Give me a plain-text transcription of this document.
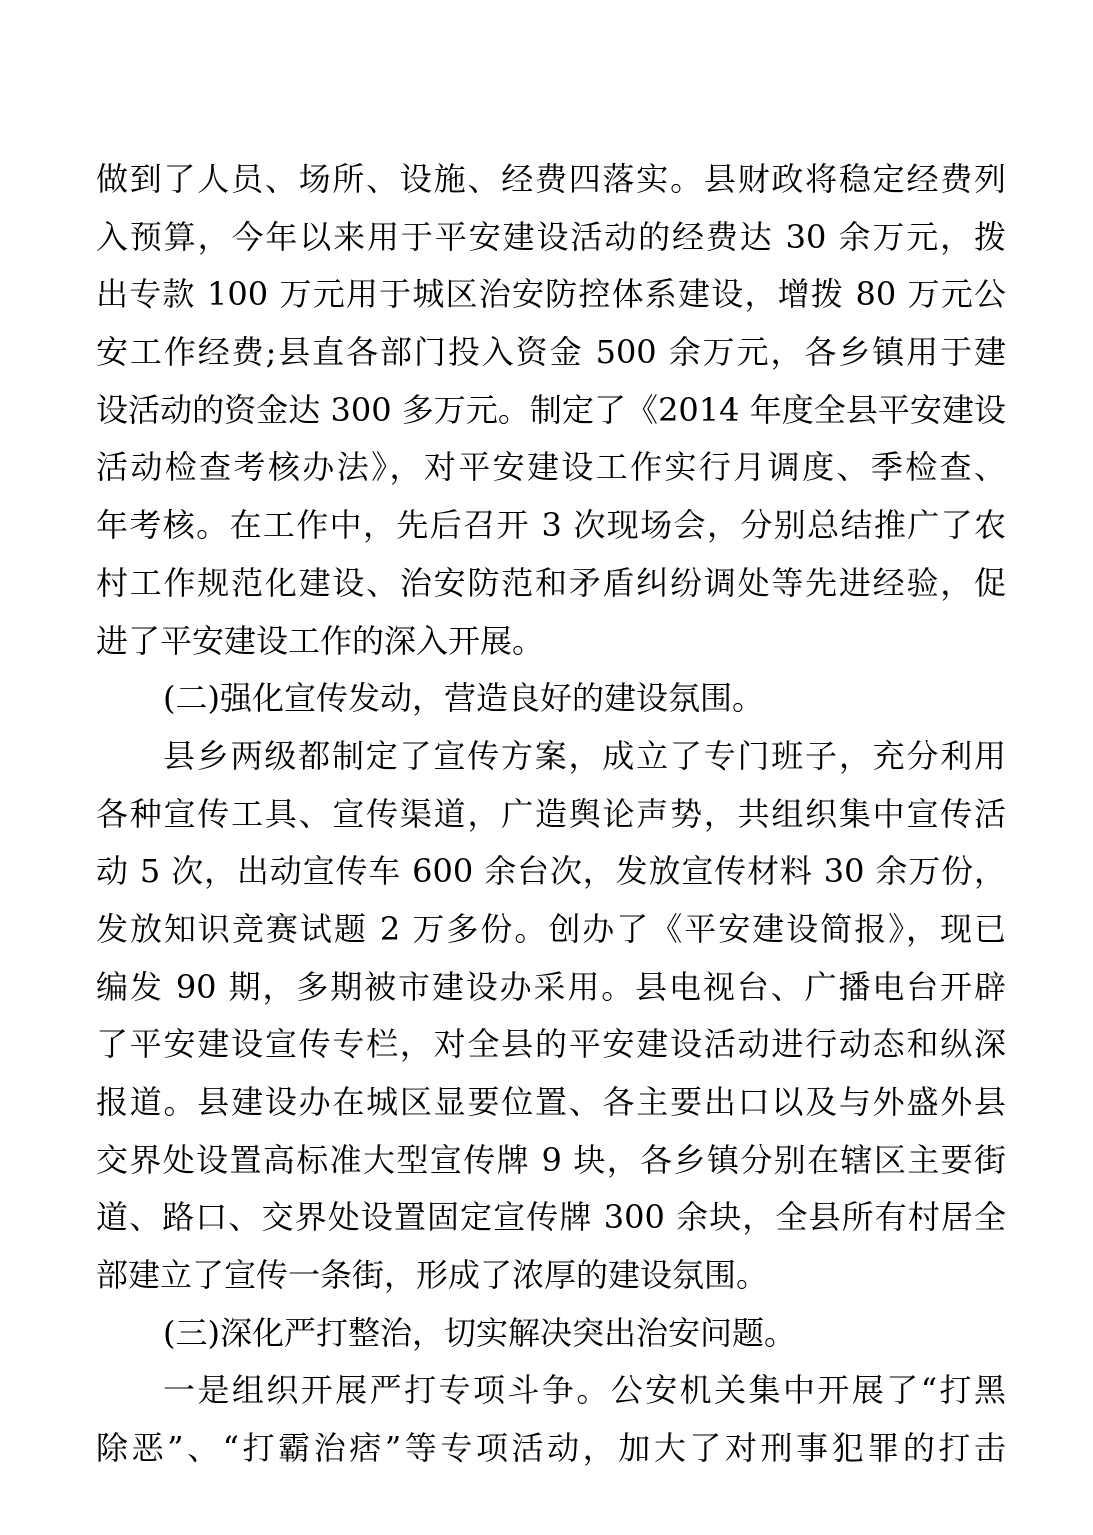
做到了人员、场所、设施、经费四落实。县财政将稳定经费列
入预算，今年以来用于平安建设活动的经费达 30 余万元，拨
出专款 100 万元用于城区治安防控体系建设，增拨 80 万元公
安工作经费;县直各部门投入资金 500 余万元，各乡镇用于建
设活动的资金达 300 多万元。制定了《2014 年度全县平安建设
活动检查考核办法》，对平安建设工作实行月调度、季检查、
年考核。在工作中，先后召开 3 次现场会，分别总结推广了农
村工作规范化建设、治安防范和矛盾纠纷调处等先进经验，促
进了平安建设工作的深入开展。
(二)强化宣传发动，营造良好的建设氛围。
县乡两级都制定了宣传方案，成立了专门班子，充分利用
各种宣传工具、宣传渠道，广造舆论声势，共组织集中宣传活
动 5 次，出动宣传车 600 余台次，发放宣传材料 30 余万份，
发放知识竞赛试题 2 万多份。创办了《平安建设简报》，现已
编发 90 期，多期被市建设办采用。县电视台、广播电台开辟
了平安建设宣传专栏，对全县的平安建设活动进行动态和纵深
报道。县建设办在城区显要位置、各主要出口以及与外盛外县
交界处设置高标准大型宣传牌 9 块，各乡镇分别在辖区主要街
道、路口、交界处设置固定宣传牌 300 余块，全县所有村居全
部建立了宣传一条街，形成了浓厚的建设氛围。
(三)深化严打整治，切实解决突出治安问题。
一是组织开展严打专项斗争。公安机关集中开展了“打黑
除恶”、“打霸治痞”等专项活动，加大了对刑事犯罪的打击
